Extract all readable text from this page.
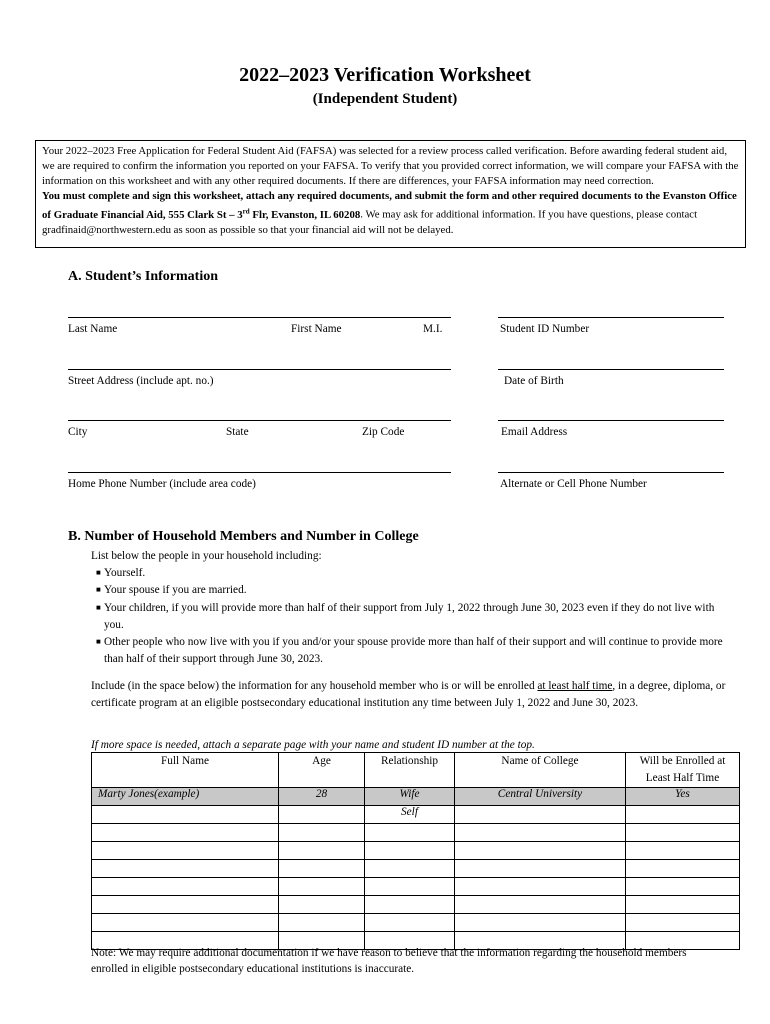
2022–2023 Verification Worksheet
(Independent Student)
Your 2022–2023 Free Application for Federal Student Aid (FAFSA) was selected for a review process called verification. Before awarding federal student aid, we are required to confirm the information you reported on your FAFSA. To verify that you provided correct information, we will compare your FAFSA with the information on this worksheet and with any other required documents. If there are differences, your FAFSA information may need correction.
You must complete and sign this worksheet, attach any required documents, and submit the form and other required documents to the Evanston Office of Graduate Financial Aid, 555 Clark St – 3rd Flr, Evanston, IL 60208. We may ask for additional information. If you have questions, please contact gradfinaid@northwestern.edu as soon as possible so that your financial aid will not be delayed.
A. Student’s Information
Last Name	First Name	M.I.	Student ID Number
Street Address (include apt. no.)	Date of Birth
City	State	Zip Code	Email Address
Home Phone Number (include area code)	Alternate or Cell Phone Number
B. Number of Household Members and Number in College
List below the people in your household including:
■ Yourself.
■ Your spouse if you are married.
■ Your children, if you will provide more than half of their support from July 1, 2022 through June 30, 2023 even if they do not live with you.
■ Other people who now live with you if you and/or your spouse provide more than half of their support and will continue to provide more than half of their support through June 30, 2023.
Include (in the space below) the information for any household member who is or will be enrolled at least half time, in a degree, diploma, or certificate program at an eligible postsecondary educational institution any time between July 1, 2022 and June 30, 2023.
If more space is needed, attach a separate page with your name and student ID number at the top.
Full Name	Age	Relationship	Name of College	Will be Enrolled at Least Half Time
Marty Jones(example)	28	Wife	Central University	Yes
		Self		

Note: We may require additional documentation if we have reason to believe that the information regarding the household members enrolled in eligible postsecondary educational institutions is inaccurate.
